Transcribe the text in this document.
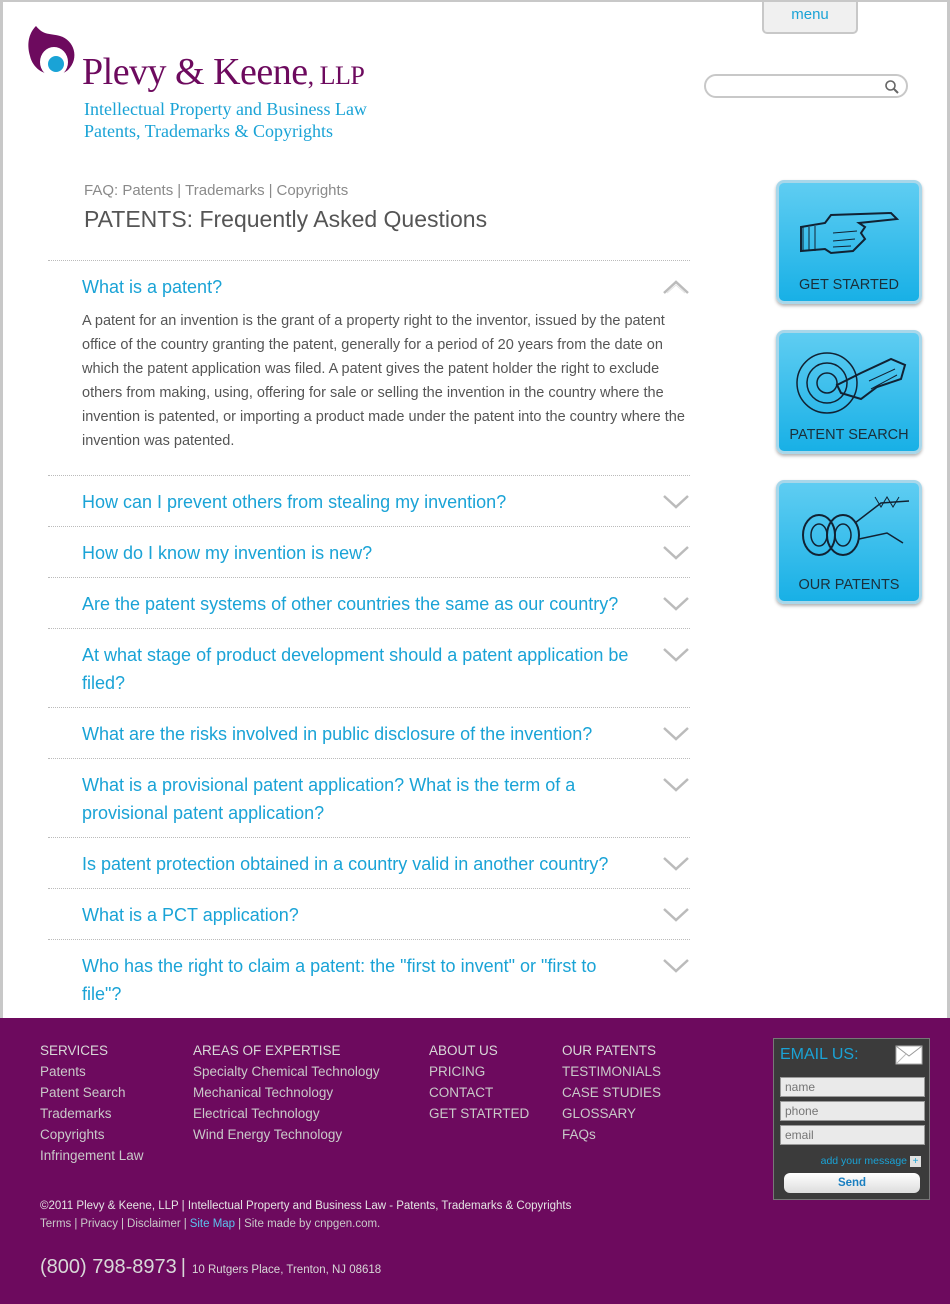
Plevy & Keene, LLP
Intellectual Property and Business Law
Patents, Trademarks & Copyrights
menu
FAQ: Patents | Trademarks | Copyrights
PATENTS: Frequently Asked Questions
What is a patent?
A patent for an invention is the grant of a property right to the inventor, issued by the patent office of the country granting the patent, generally for a period of 20 years from the date on which the patent application was filed. A patent gives the patent holder the right to exclude others from making, using, offering for sale or selling the invention in the country where the invention is patented, or importing a product made under the patent into the country where the invention was patented.
How can I prevent others from stealing my invention?
How do I know my invention is new?
Are the patent systems of other countries the same as our country?
At what stage of product development should a patent application be filed?
What are the risks involved in public disclosure of the invention?
What is a provisional patent application? What is the term of a provisional patent application?
Is patent protection obtained in a country valid in another country?
What is a PCT application?
Who has the right to claim a patent: the "first to invent" or "first to file"?
GET STARTED
PATENT SEARCH
OUR PATENTS
SERVICES
Patents
Patent Search
Trademarks
Copyrights
Infringement Law
AREAS OF EXPERTISE
Specialty Chemical Technology
Mechanical Technology
Electrical Technology
Wind Energy Technology
ABOUT US
PRICING
CONTACT
GET STATRTED
OUR PATENTS
TESTIMONIALS
CASE STUDIES
GLOSSARY
FAQs
EMAIL US:
name
phone
email
add your message +
Send
©2011 Plevy & Keene, LLP | Intellectual Property and Business Law - Patents, Trademarks & Copyrights
Terms | Privacy | Disclaimer | Site Map | Site made by cnpgen.com.
(800) 798-8973 | 10 Rutgers Place, Trenton, NJ 08618
